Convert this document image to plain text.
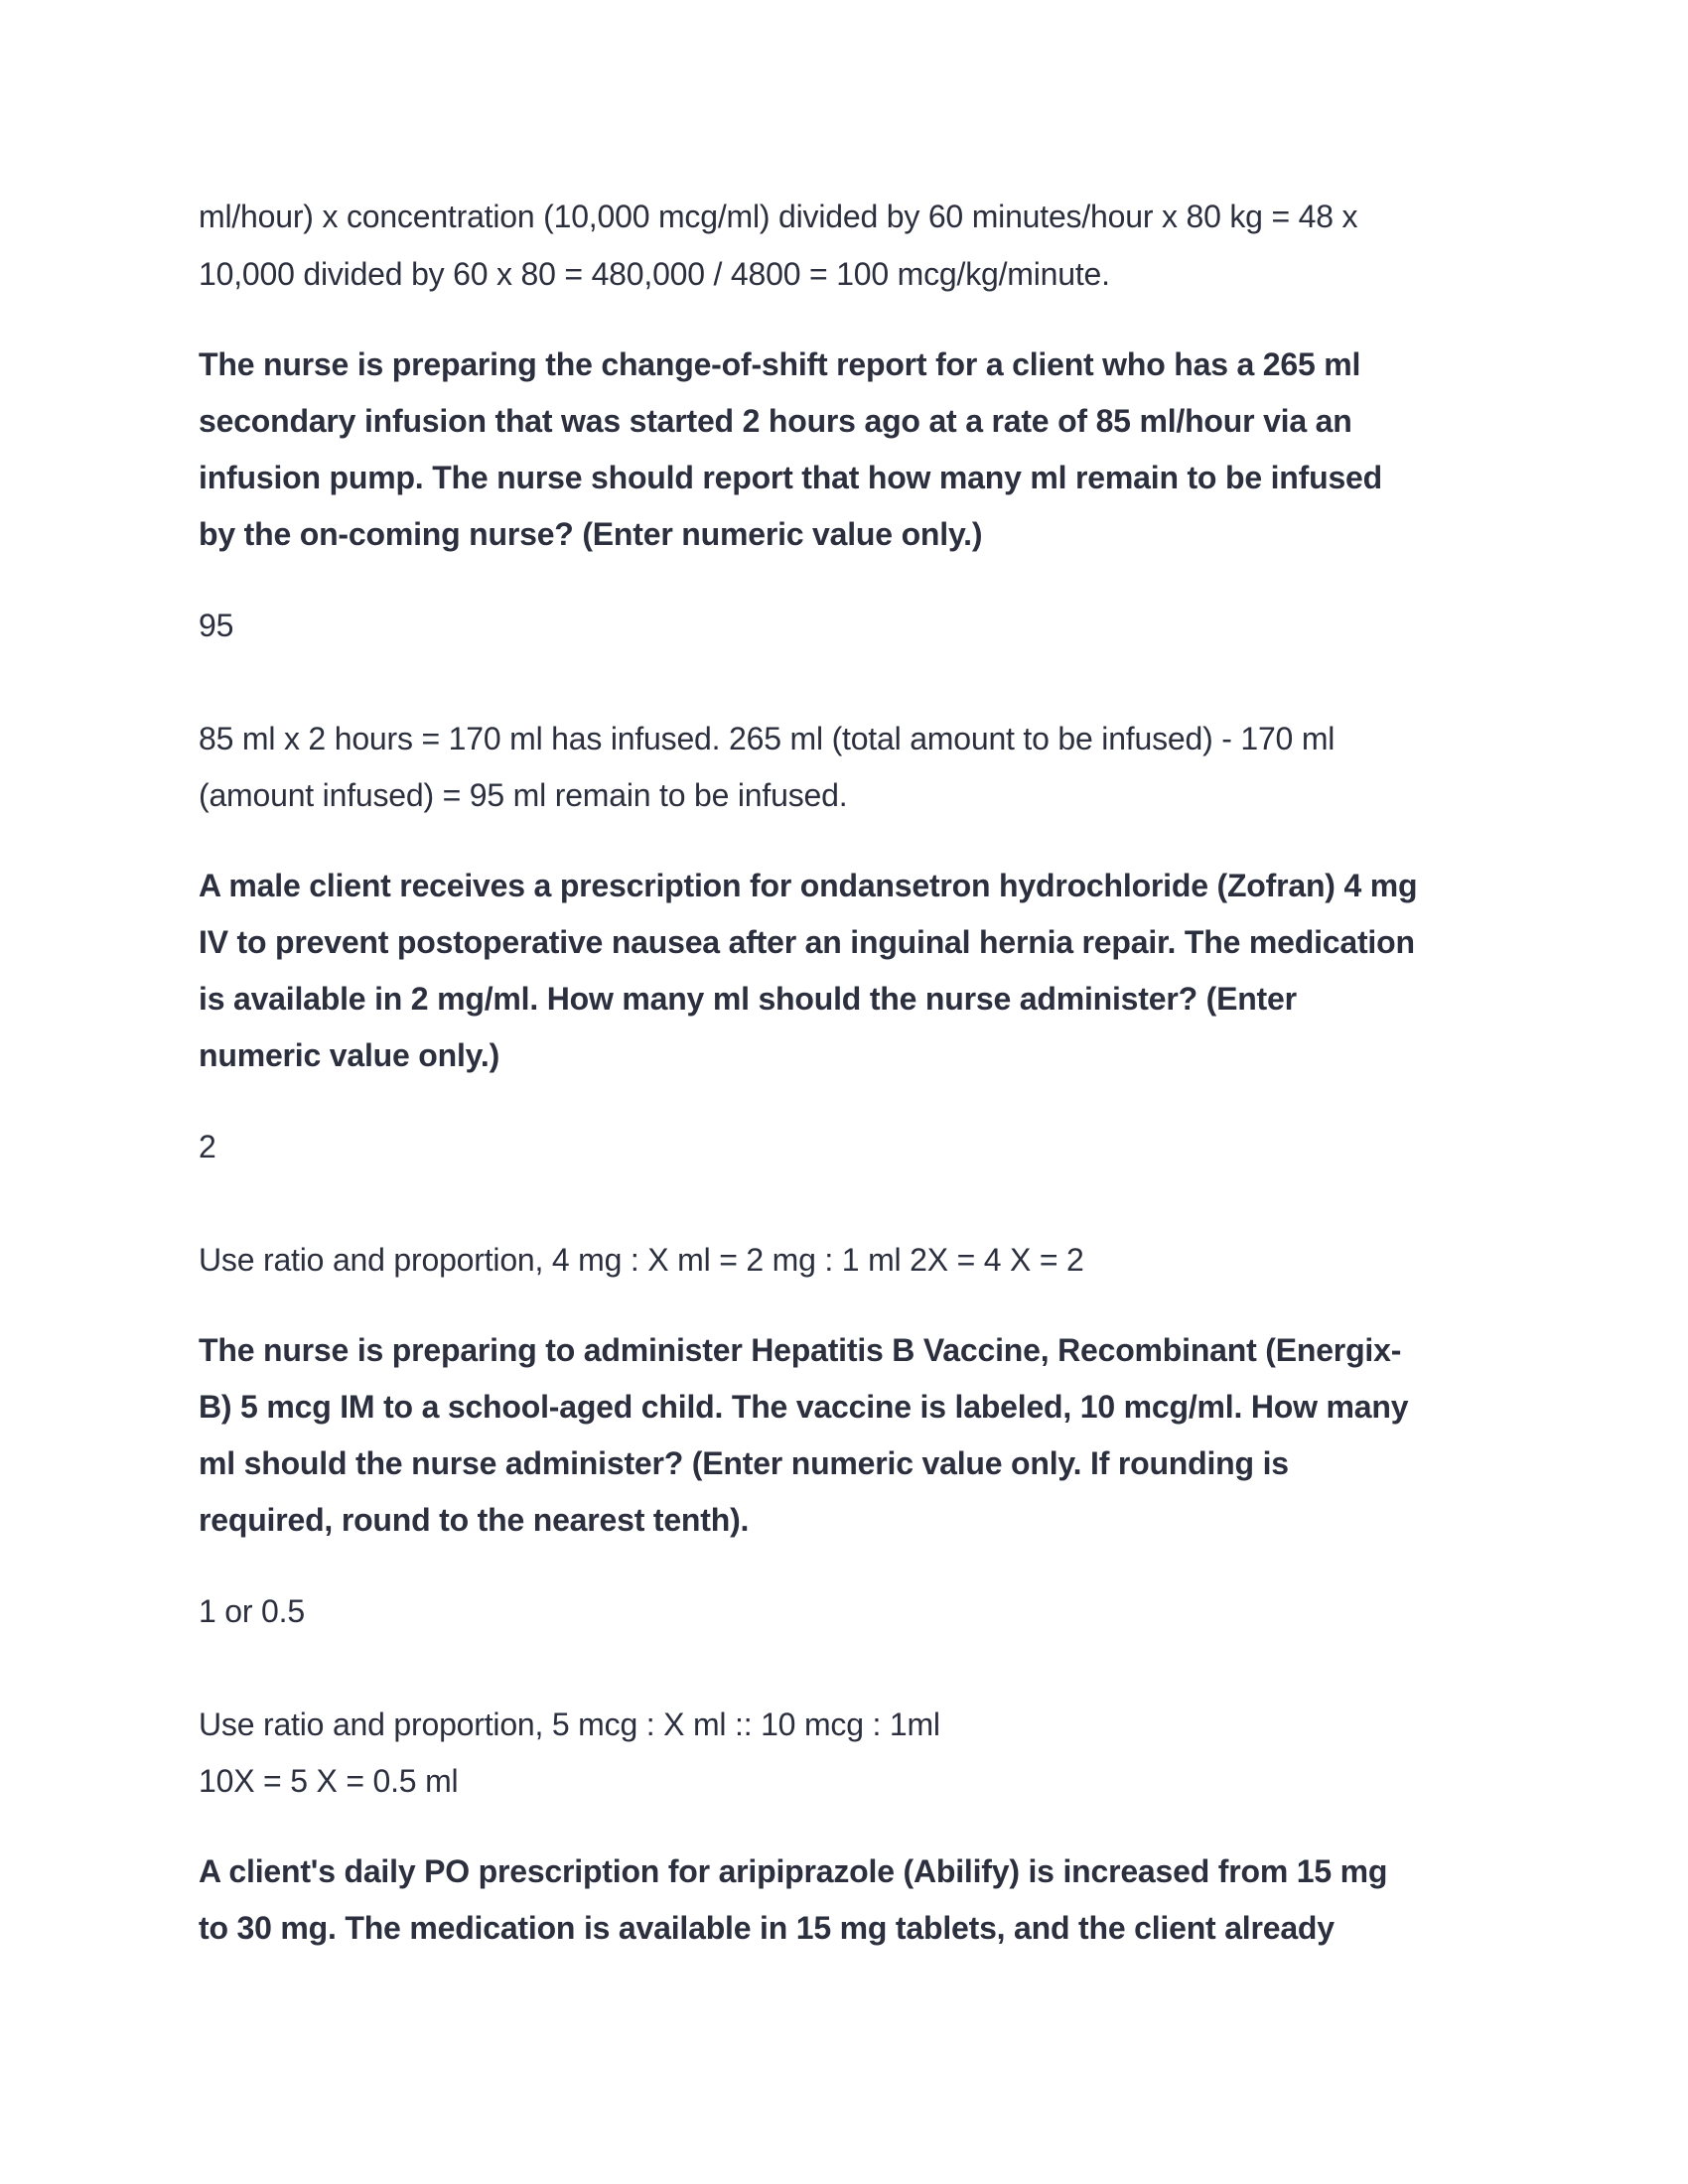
ml/hour) x concentration (10,000 mcg/ml) divided by 60 minutes/hour x 80 kg = 48 x
10,000 divided by 60 x 80 = 480,000 / 4800 = 100 mcg/kg/minute.
The nurse is preparing the change-of-shift report for a client who has a 265 ml
secondary infusion that was started 2 hours ago at a rate of 85 ml/hour via an
infusion pump. The nurse should report that how many ml remain to be infused
by the on-coming nurse? (Enter numeric value only.)
95
85 ml x 2 hours = 170 ml has infused. 265 ml (total amount to be infused) - 170 ml
(amount infused) = 95 ml remain to be infused.
A male client receives a prescription for ondansetron hydrochloride (Zofran) 4 mg
IV to prevent postoperative nausea after an inguinal hernia repair. The medication
is available in 2 mg/ml. How many ml should the nurse administer? (Enter
numeric value only.)
2
Use ratio and proportion, 4 mg : X ml = 2 mg : 1 ml 2X = 4 X = 2
The nurse is preparing to administer Hepatitis B Vaccine, Recombinant (Energix-
B) 5 mcg IM to a school-aged child. The vaccine is labeled, 10 mcg/ml. How many
ml should the nurse administer? (Enter numeric value only. If rounding is
required, round to the nearest tenth).
1 or 0.5
Use ratio and proportion, 5 mcg : X ml :: 10 mcg : 1ml
10X = 5 X = 0.5 ml
A client's daily PO prescription for aripiprazole (Abilify) is increased from 15 mg
to 30 mg. The medication is available in 15 mg tablets, and the client already
